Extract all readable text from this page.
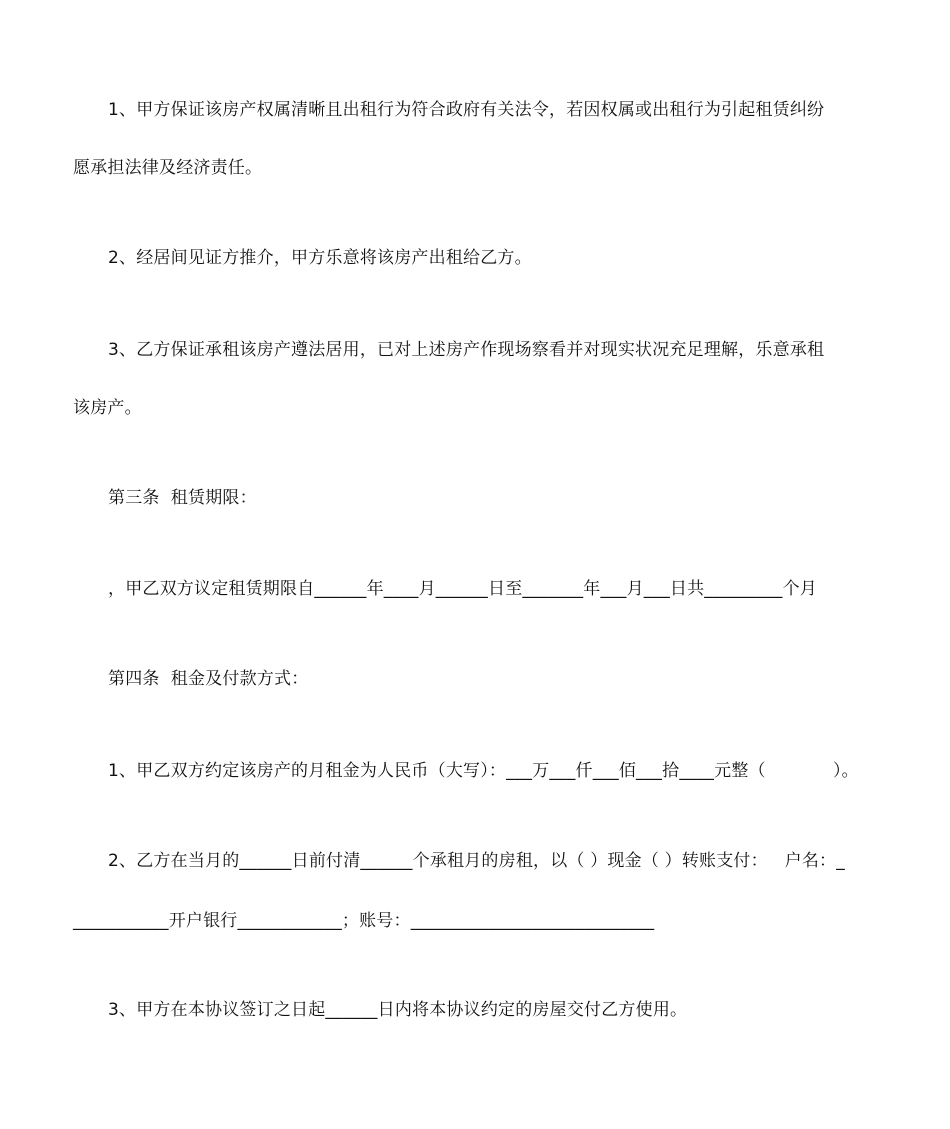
1、甲方保证该房产权属清晰且出租行为符合政府有关法令，若因权属或出租行为引起租赁纠纷
愿承担法律及经济责任。
2、经居间见证方推介，甲方乐意将该房产出租给乙方。
3、乙方保证承租该房产遵法居用，已对上述房产作现场察看并对现实状况充足理解，乐意承租
该房产。
第三条  租赁期限：
，甲乙双方议定租赁期限自______年____月______日至_______年___月___日共_________个月
第四条  租金及付款方式：
1、甲乙双方约定该房产的月租金为人民币（大写）：___万___仟___佰___拾____元整（            ）。
2、乙方在当月的______日前付清______个承租月的房租，以（ ）现金（ ）转账支付：   户名：_
___________开户银行____________；账号：____________________________
3、甲方在本协议签订之日起______日内将本协议约定的房屋交付乙方使用。
